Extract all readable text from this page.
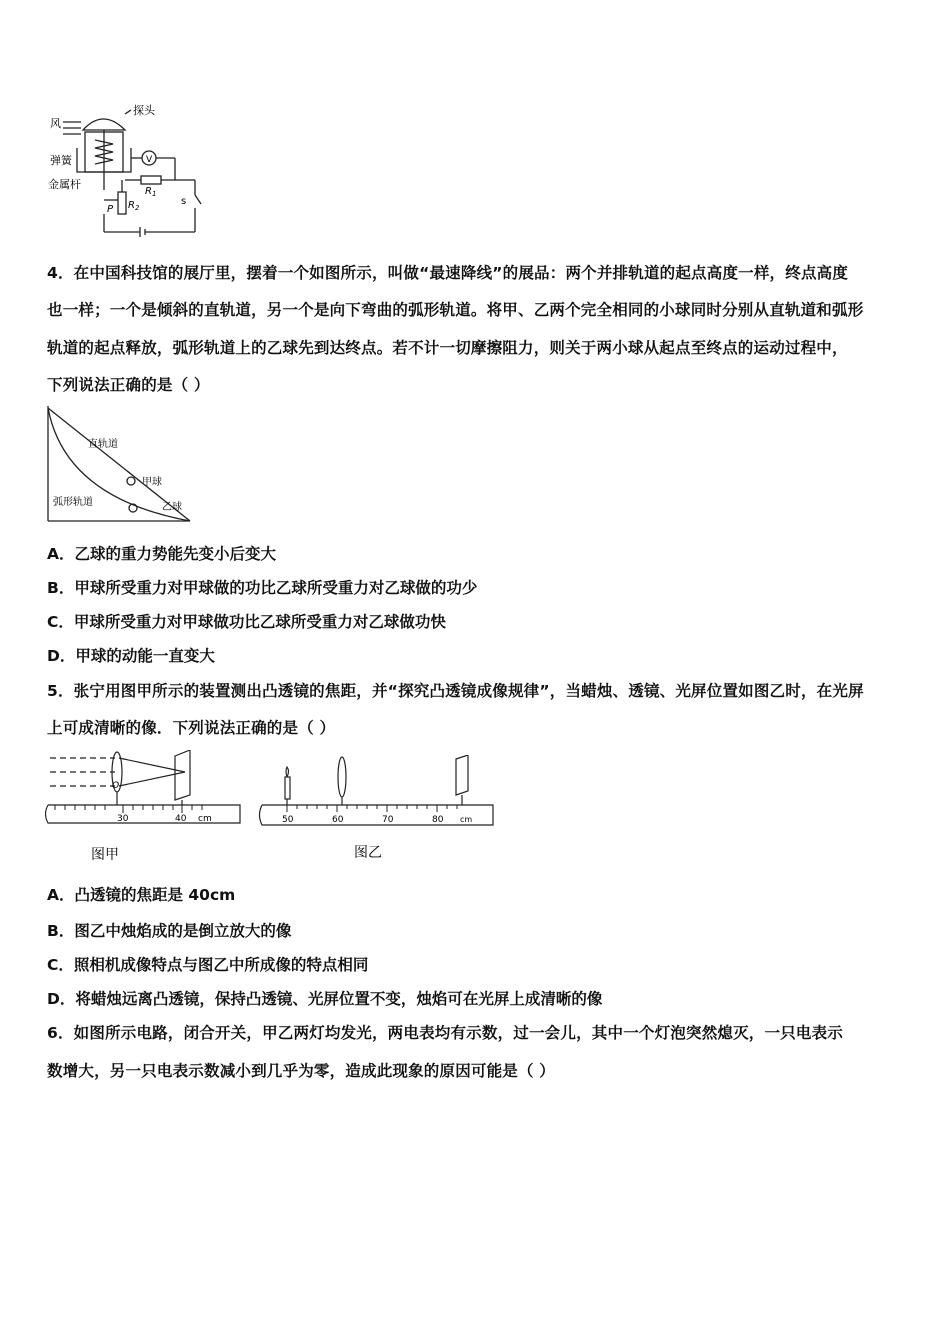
风
探头
弹簧
金属杆
V
$R_1$
P $R_2$
s
4．在中国科技馆的展厅里，摆着一个如图所示，叫做“最速降线”的展品：两个并排轨道的起点高度一样，终点高度
也一样；一个是倾斜的直轨道，另一个是向下弯曲的弧形轨道。将甲、乙两个完全相同的小球同时分别从直轨道和弧形
轨道的起点释放，弧形轨道上的乙球先到达终点。若不计一切摩擦阻力，则关于两小球从起点至终点的运动过程中，
下列说法正确的是（ ）
直轨道
甲球
弧形轨道	乙球
A．乙球的重力势能先变小后变大
B．甲球所受重力对甲球做的功比乙球所受重力对乙球做的功少
C．甲球所受重力对甲球做功比乙球所受重力对乙球做功快
D．甲球的动能一直变大
5．张宁用图甲所示的装置测出凸透镜的焦距，并“探究凸透镜成像规律”，当蜡烛、透镜、光屏位置如图乙时，在光屏
上可成清晰的像．下列说法正确的是（ ）
O
30	40 cm
图甲
50	60	70	80 cm
图乙
A．凸透镜的焦距是 40cm
B．图乙中烛焰成的是倒立放大的像
C．照相机成像特点与图乙中所成像的特点相同
D．将蜡烛远离凸透镜，保持凸透镜、光屏位置不变，烛焰可在光屏上成清晰的像
6．如图所示电路，闭合开关，甲乙两灯均发光，两电表均有示数，过一会儿，其中一个灯泡突然熄灭，一只电表示
数增大，另一只电表示数减小到几乎为零，造成此现象的原因可能是（ ）
